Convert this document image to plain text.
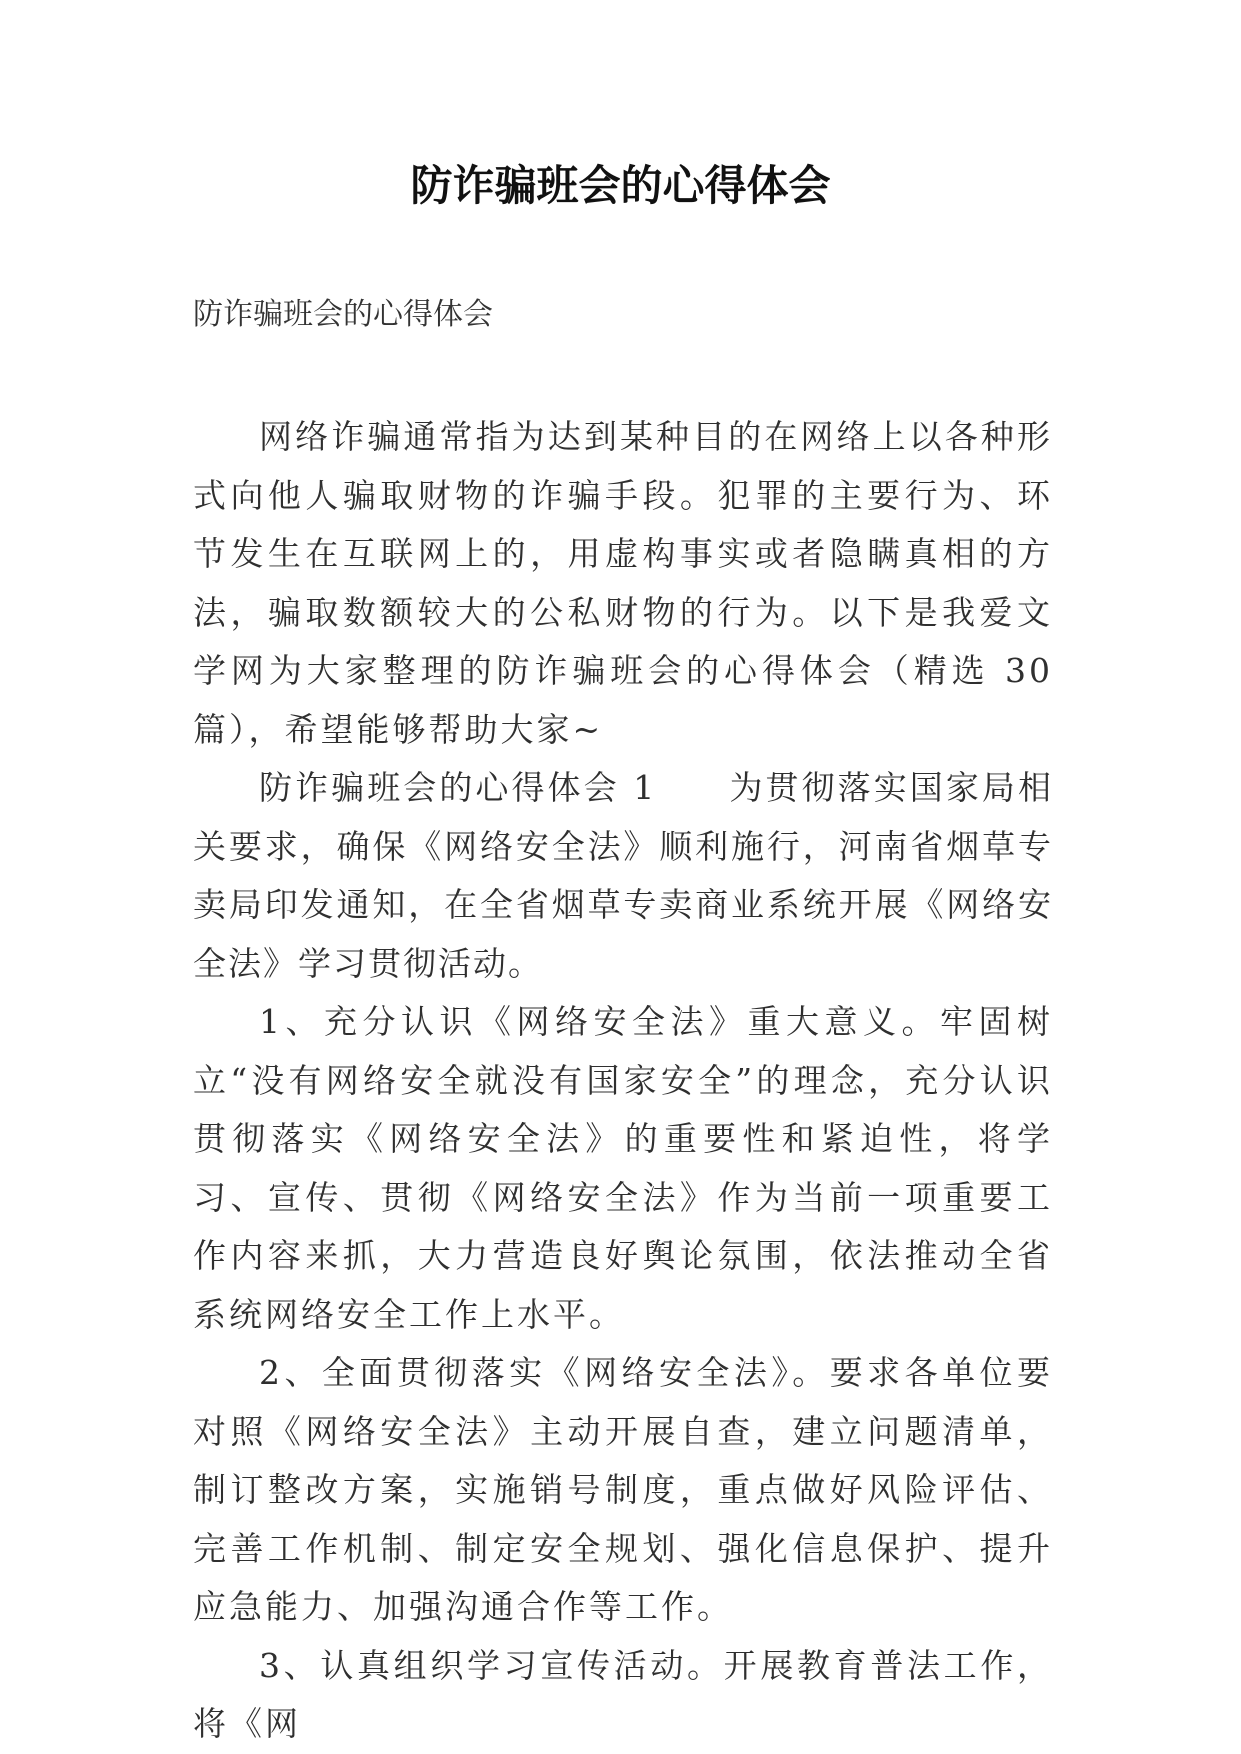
防诈骗班会的心得体会
防诈骗班会的心得体会

网络诈骗通常指为达到某种目的在网络上以各种形式向他人骗取财物的诈骗手段。犯罪的主要行为、环节发生在互联网上的，用虚构事实或者隐瞒真相的方法，骗取数额较大的公私财物的行为。以下是我爱文学网为大家整理的防诈骗班会的心得体会（精选 30 篇），希望能够帮助大家~

防诈骗班会的心得体会 1　　为贯彻落实国家局相关要求，确保《网络安全法》顺利施行，河南省烟草专卖局印发通知，在全省烟草专卖商业系统开展《网络安全法》学习贯彻活动。

1、充分认识《网络安全法》重大意义。牢固树立“没有网络安全就没有国家安全”的理念，充分认识贯彻落实《网络安全法》的重要性和紧迫性，将学习、宣传、贯彻《网络安全法》作为当前一项重要工作内容来抓，大力营造良好舆论氛围，依法推动全省系统网络安全工作上水平。

2、全面贯彻落实《网络安全法》。要求各单位要对照《网络安全法》主动开展自查，建立问题清单，制订整改方案，实施销号制度，重点做好风险评估、完善工作机制、制定安全规划、强化信息保护、提升应急能力、加强沟通合作等工作。

3、认真组织学习宣传活动。开展教育普法工作，将《网
